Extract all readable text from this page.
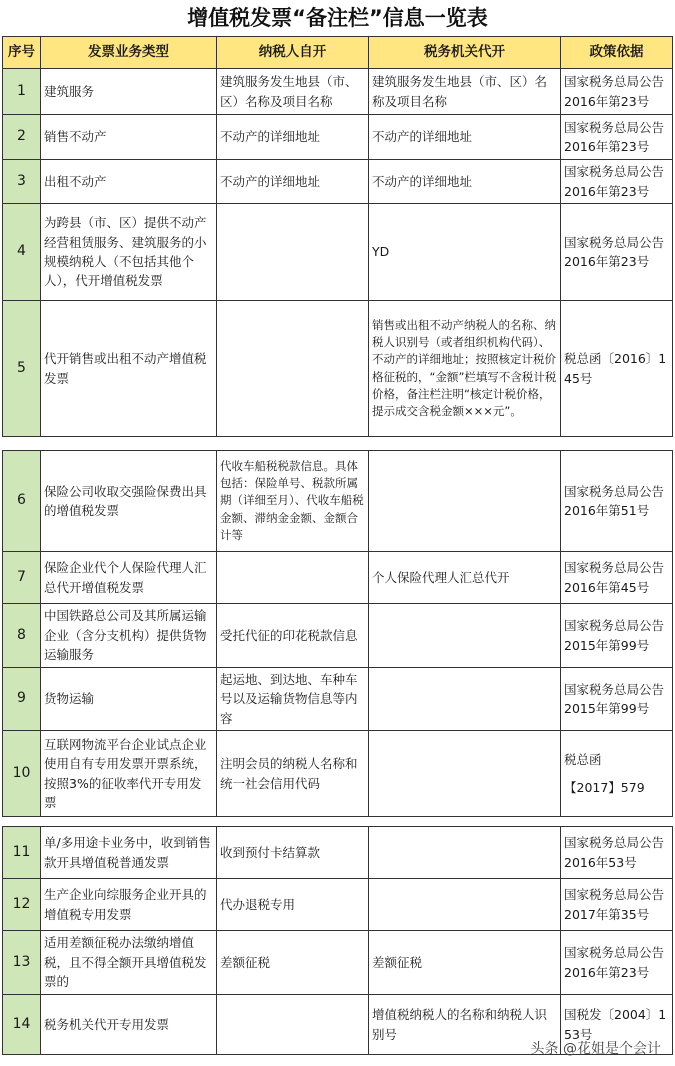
增值税发票“备注栏”信息一览表
序号	发票业务类型	纳税人自开	税务机关代开	政策依据
1	建筑服务	建筑服务发生地县（市、区）名称及项目名称	建筑服务发生地县（市、区）名称及项目名称	国家税务总局公告2016年第23号
2	销售不动产	不动产的详细地址	不动产的详细地址	国家税务总局公告2016年第23号
3	出租不动产	不动产的详细地址	不动产的详细地址	国家税务总局公告2016年第23号
4	为跨县（市、区）提供不动产经营租赁服务、建筑服务的小规模纳税人（不包括其他个人），代开增值税发票		YD	国家税务总局公告2016年第23号
5	代开销售或出租不动产增值税发票		销售或出租不动产纳税人的名称、纳税人识别号（或者组织机构代码）、不动产的详细地址；按照核定计税价格征税的，“金额”栏填写不含税计税价格，备注栏注明“核定计税价格，提示成交含税金额×××元”。	税总函〔2016〕145号
6	保险公司收取交强险保费出具的增值税发票	代收车船税税款信息。具体包括：保险单号、税款所属期（详细至月）、代收车船税金额、滞纳金金额、金额合计等		国家税务总局公告2016年第51号
7	保险企业代个人保险代理人汇总代开增值税发票		个人保险代理人汇总代开	国家税务总局公告2016年第45号
8	中国铁路总公司及其所属运输企业（含分支机构）提供货物运输服务	受托代征的印花税款信息		国家税务总局公告2015年第99号
9	货物运输	起运地、到达地、车种车号以及运输货物信息等内容		国家税务总局公告2015年第99号
10	互联网物流平台企业试点企业使用自有专用发票开票系统，按照3%的征收率代开专用发票	注明会员的纳税人名称和统一社会信用代码		税总函
【2017】579
11	单/多用途卡业务中，收到销售款开具增值税普通发票	收到预付卡结算款		国家税务总局公告2016年53号
12	生产企业向综服务企业开具的增值税专用发票	代办退税专用		国家税务总局公告2017年第35号
13	适用差额征税办法缴纳增值税，且不得全额开具增值税发票的	差额征税	差额征税	国家税务总局公告2016年第23号
14	税务机关代开专用发票		增值税纳税人的名称和纳税人识别号	国税发〔2004〕153号
头条 @花姐是个会计
